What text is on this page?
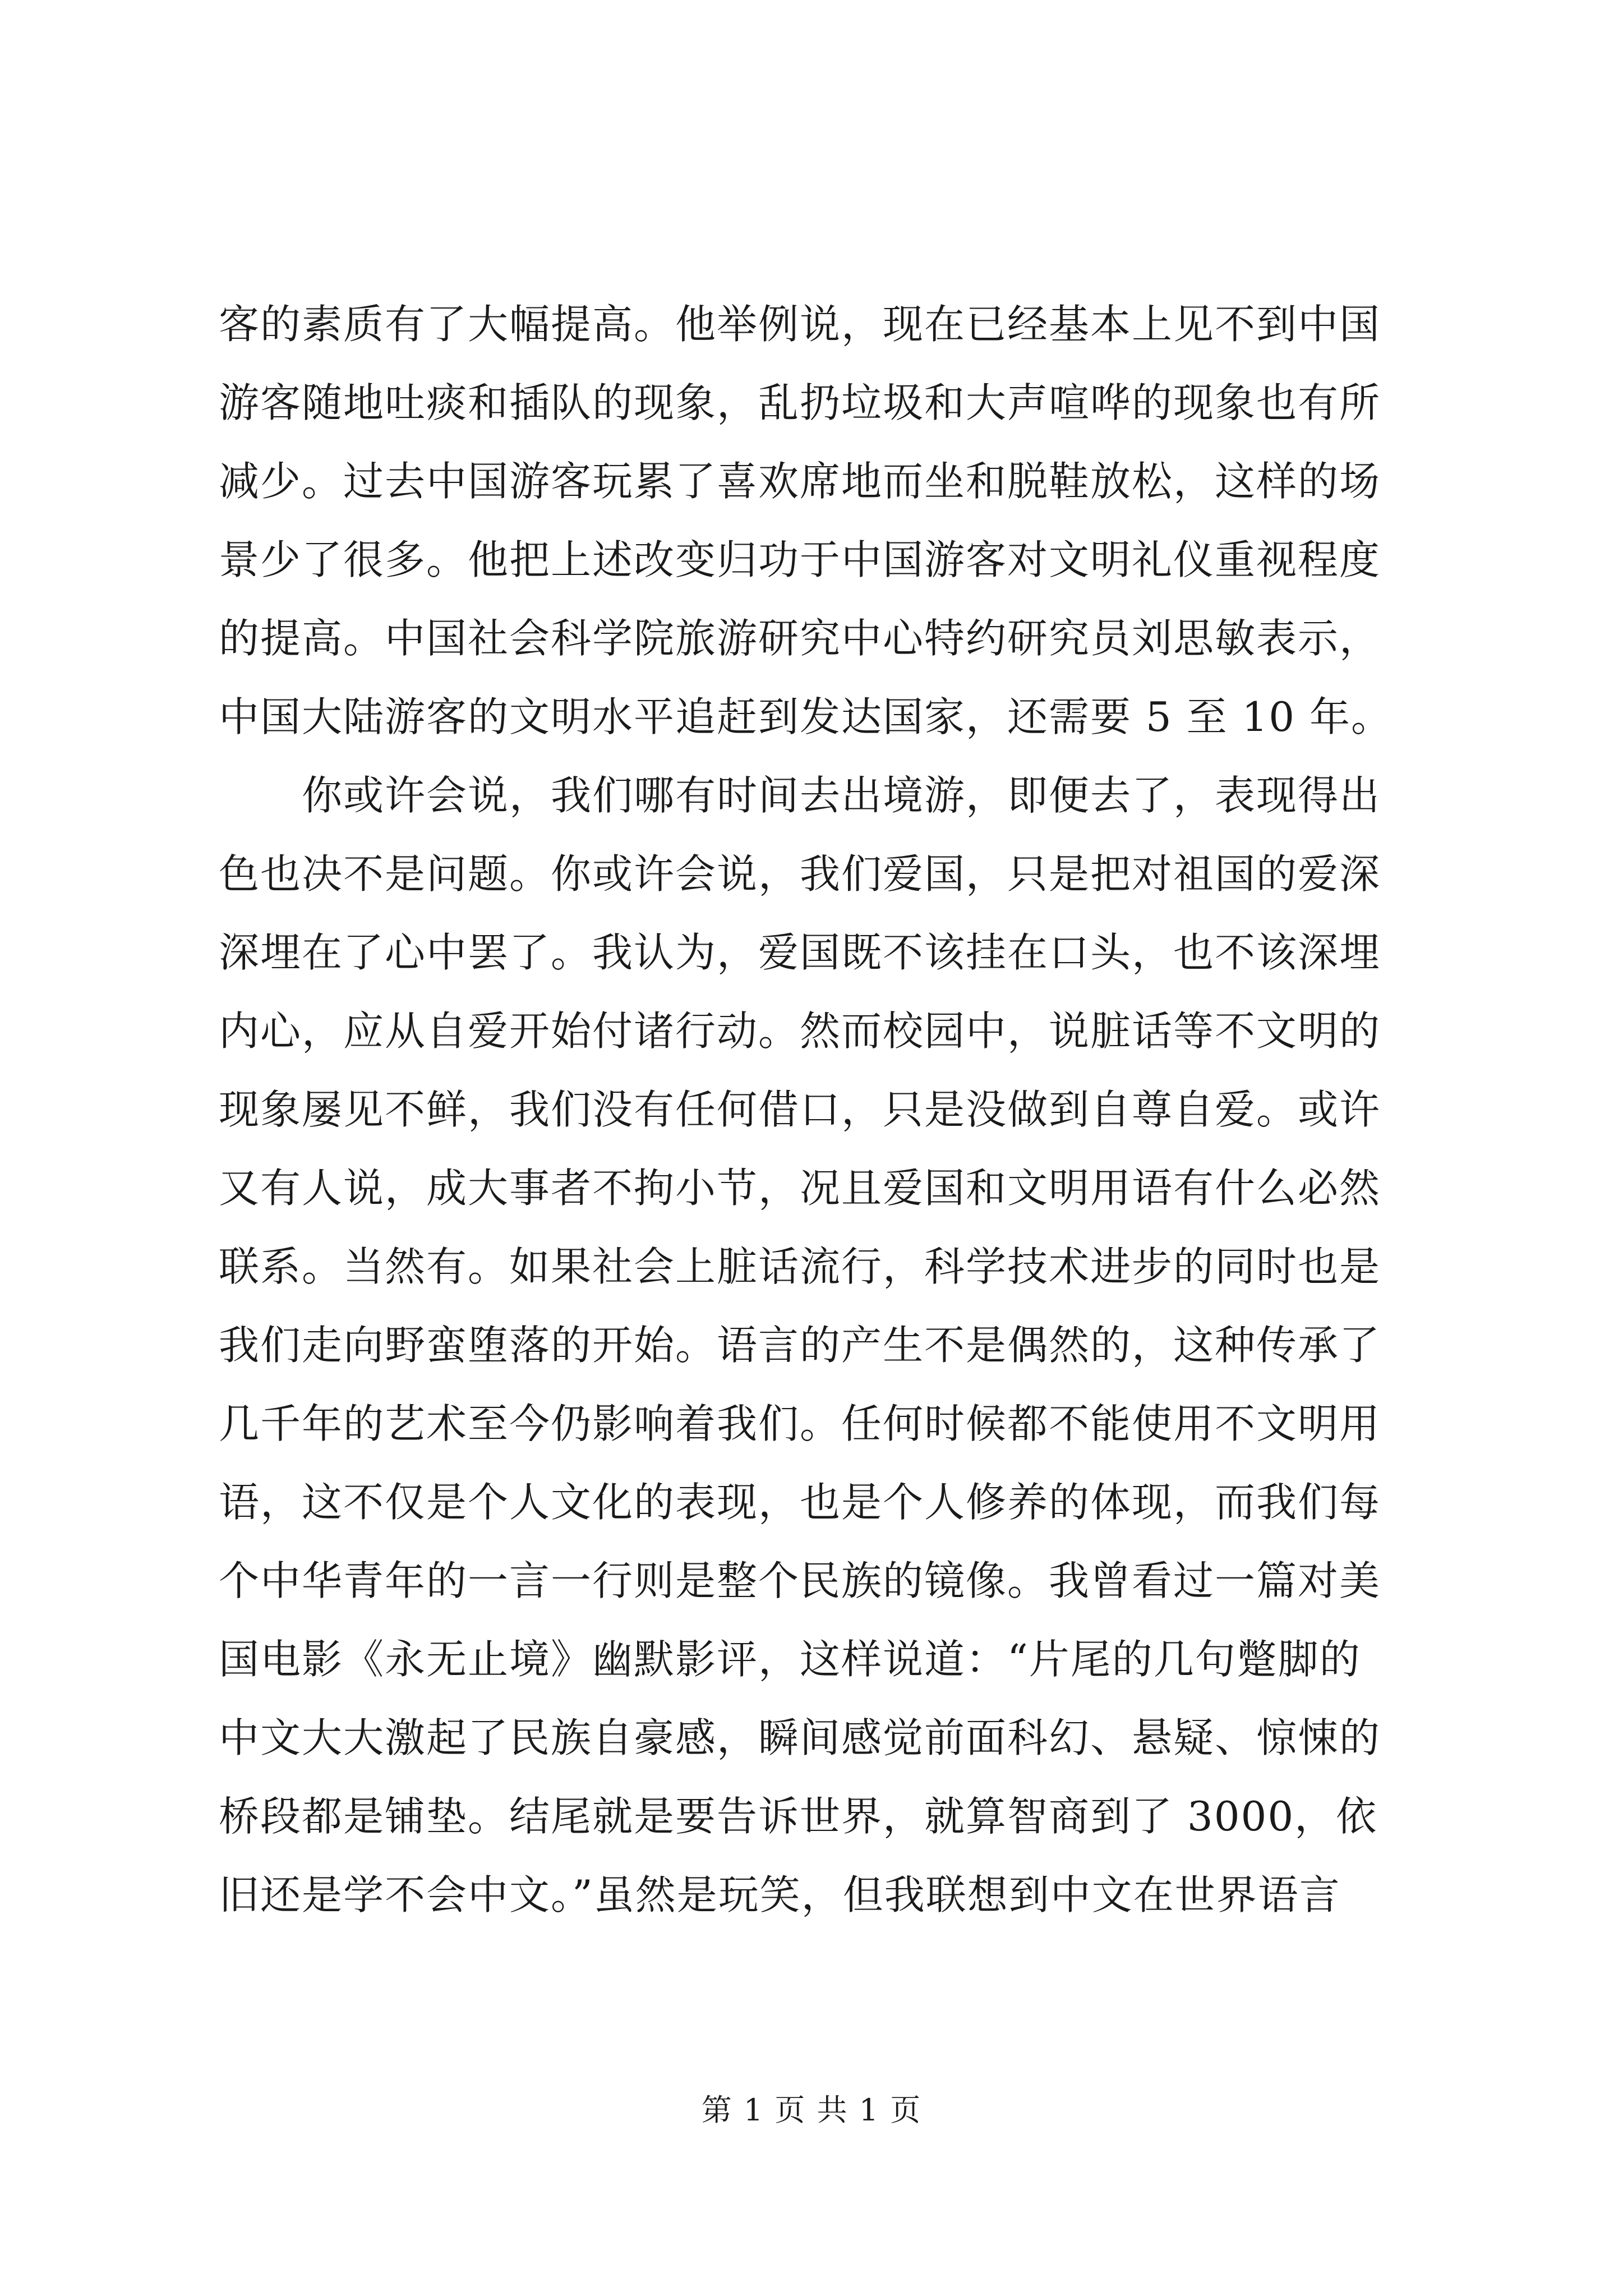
客的素质有了大幅提高。他举例说，现在已经基本上见不到中国
游客随地吐痰和插队的现象，乱扔垃圾和大声喧哗的现象也有所
减少。过去中国游客玩累了喜欢席地而坐和脱鞋放松，这样的场
景少了很多。他把上述改变归功于中国游客对文明礼仪重视程度
的提高。中国社会科学院旅游研究中心特约研究员刘思敏表示，
中国大陆游客的文明水平追赶到发达国家，还需要 5 至 10 年。
你或许会说，我们哪有时间去出境游，即便去了，表现得出
色也决不是问题。你或许会说，我们爱国，只是把对祖国的爱深
深埋在了心中罢了。我认为，爱国既不该挂在口头，也不该深埋
内心，应从自爱开始付诸行动。然而校园中，说脏话等不文明的
现象屡见不鲜，我们没有任何借口，只是没做到自尊自爱。或许
又有人说，成大事者不拘小节，况且爱国和文明用语有什么必然
联系。当然有。如果社会上脏话流行，科学技术进步的同时也是
我们走向野蛮堕落的开始。语言的产生不是偶然的，这种传承了
几千年的艺术至今仍影响着我们。任何时候都不能使用不文明用
语，这不仅是个人文化的表现，也是个人修养的体现，而我们每
个中华青年的一言一行则是整个民族的镜像。我曾看过一篇对美
国电影《永无止境》幽默影评，这样说道：“片尾的几句蹩脚的
中文大大激起了民族自豪感，瞬间感觉前面科幻、悬疑、惊悚的
桥段都是铺垫。结尾就是要告诉世界，就算智商到了 3000，依
旧还是学不会中文。”虽然是玩笑，但我联想到中文在世界语言
第 1 页 共 1 页
